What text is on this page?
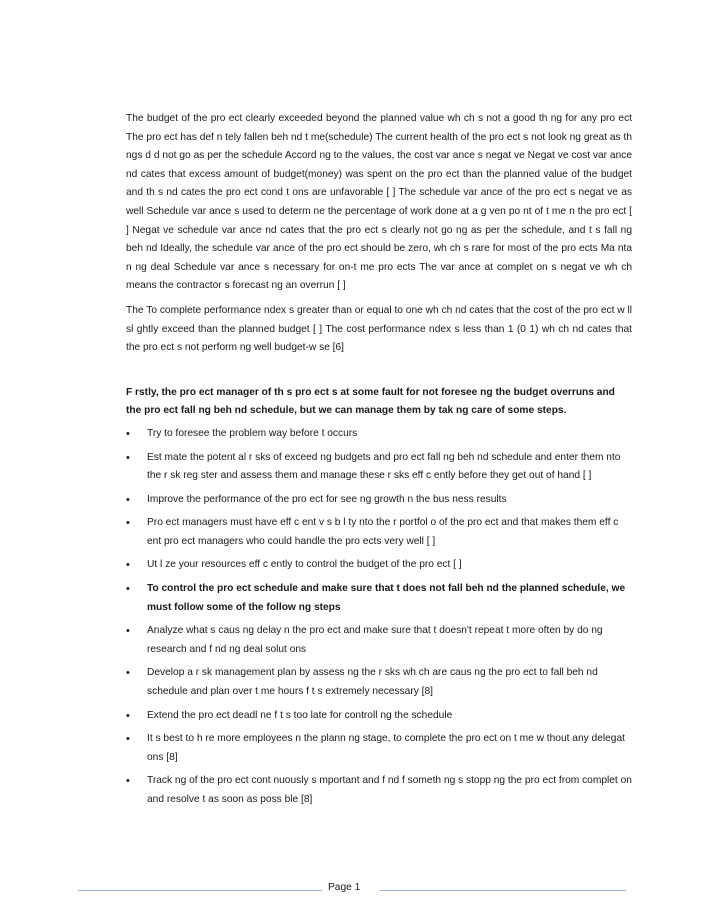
The budget of the pro ect clearly exceeded beyond the planned value wh ch s not a good th ng for any pro ect The pro ect has def n tely fallen beh nd t me(schedule) The current health of the pro ect s not look ng great as th ngs d d not go as per the schedule Accord ng to the values, the cost var ance s negat ve Negat ve cost var ance nd cates that excess amount of budget(money) was spent on the pro ect than the planned value of the budget and th s nd cates the pro ect cond t ons are unfavorable [ ] The schedule var ance of the pro ect s negat ve as well Schedule var ance s used to determ ne the percentage of work done at a g ven po nt of t me n the pro ect [ ] Negat ve schedule var ance nd cates that the pro ect s clearly not go ng as per the schedule, and t s fall ng beh nd Ideally, the schedule var ance of the pro ect should be zero, wh ch s rare for most of the pro ects Ma nta n ng deal Schedule var ance s necessary for on-t me pro ects The var ance at complet on s negat ve wh ch means the contractor s forecast ng an overrun [ ]

The To complete performance ndex s greater than or equal to one wh ch nd cates that the cost of the pro ect w ll sl ghtly exceed than the planned budget [ ] The cost performance ndex s less than 1 (0 1) wh ch nd cates that the pro ect s not perform ng well budget-w se [6]

F rstly, the pro ect manager of th s pro ect s at some fault for not foresee ng the budget overruns and the pro ect fall ng beh nd schedule, but we can manage them by tak ng care of some steps.

• Try to foresee the problem way before t occurs
• Est mate the potent al r sks of exceed ng budgets and pro ect fall ng beh nd schedule and enter them nto the r sk reg ster and assess them and manage these r sks eff c ently before they get out of hand [ ]
• Improve the performance of the pro ect for see ng growth n the bus ness results
• Pro ect managers must have eff c ent v s b l ty nto the r portfol o of the pro ect and that makes them eff c ent pro ect managers who could handle the pro ects very well [ ]
• Ut l ze your resources eff c ently to control the budget of the pro ect [ ]
• To control the pro ect schedule and make sure that t does not fall beh nd the planned schedule, we must follow some of the follow ng steps
• Analyze what s caus ng delay n the pro ect and make sure that t doesn't repeat t more often by do ng research and f nd ng deal solut ons
• Develop a r sk management plan by assess ng the r sks wh ch are caus ng the pro ect to fall beh nd schedule and plan over t me hours f t s extremely necessary [8]
• Extend the pro ect deadl ne f t s too late for controll ng the schedule
• It s best to h re more employees n the plann ng stage, to complete the pro ect on t me w thout any delegat ons [8]
• Track ng of the pro ect cont nuously s mportant and f nd f someth ng s stopp ng the pro ect from complet on and resolve t as soon as poss ble [8]
Page 1
